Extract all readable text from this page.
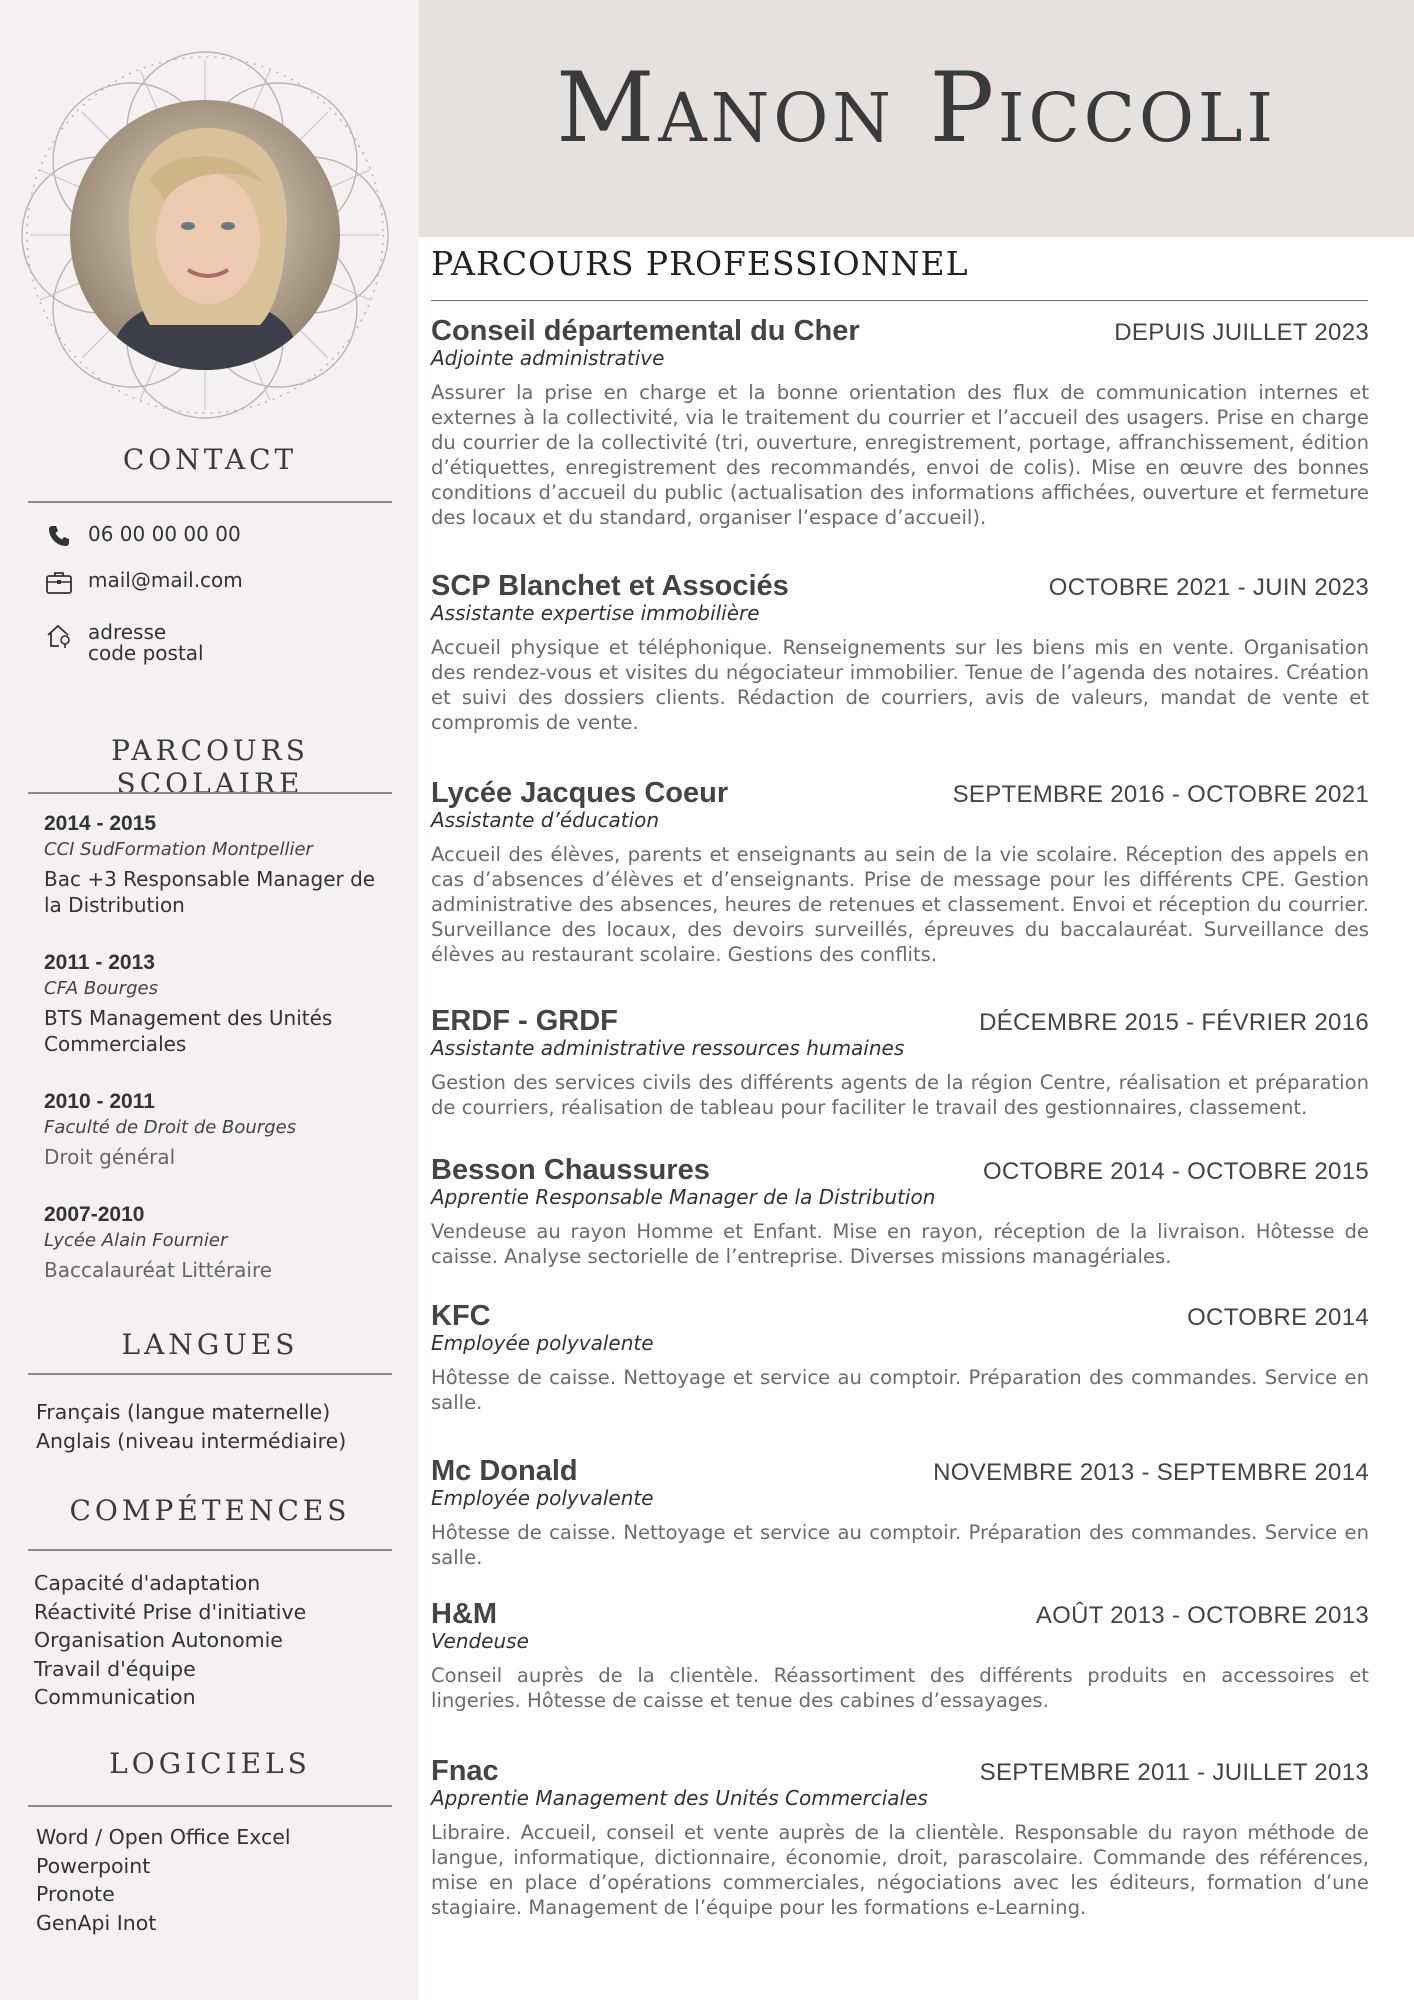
CONTACT
06 00 00 00 00
mail@mail.com
adresse
code postal
PARCOURS SCOLAIRE
2014 - 2015
CCI SudFormation Montpellier
Bac +3 Responsable Manager de la Distribution
2011 - 2013
CFA Bourges
BTS Management des Unités Commerciales
2010 - 2011
Faculté de Droit de Bourges
Droit général
2007-2010
Lycée Alain Fournier
Baccalauréat Littéraire
LANGUES
Français (langue maternelle)
Anglais (niveau intermédiaire)
COMPÉTENCES
Capacité d'adaptation
Réactivité Prise d'initiative
Organisation Autonomie
Travail d'équipe
Communication
LOGICIELS
Word / Open Office Excel
Powerpoint
Pronote
GenApi Inot
Manon Piccoli
PARCOURS PROFESSIONNEL
Conseil départemental du Cher	DEPUIS JUILLET 2023
Adjointe administrative
Assurer la prise en charge et la bonne orientation des flux de communication internes et externes à la collectivité, via le traitement du courrier et l’accueil des usagers. Prise en charge du courrier de la collectivité (tri, ouverture, enregistrement, portage, affranchissement, édition d’étiquettes, enregistrement des recommandés, envoi de colis). Mise en œuvre des bonnes conditions d’accueil du public (actualisation des informations affichées, ouverture et fermeture des locaux et du standard, organiser l’espace d’accueil).
SCP Blanchet et Associés	OCTOBRE 2021 - JUIN 2023
Assistante expertise immobilière
Accueil physique et téléphonique. Renseignements sur les biens mis en vente. Organisation des rendez-vous et visites du négociateur immobilier. Tenue de l’agenda des notaires. Création et suivi des dossiers clients. Rédaction de courriers, avis de valeurs, mandat de vente et compromis de vente.
Lycée Jacques Coeur	SEPTEMBRE 2016 - OCTOBRE 2021
Assistante d’éducation
Accueil des élèves, parents et enseignants au sein de la vie scolaire. Réception des appels en cas d’absences d’élèves et d’enseignants. Prise de message pour les différents CPE. Gestion administrative des absences, heures de retenues et classement. Envoi et réception du courrier. Surveillance des locaux, des devoirs surveillés, épreuves du baccalauréat. Surveillance des élèves au restaurant scolaire. Gestions des conflits.
ERDF - GRDF	DÉCEMBRE 2015 - FÉVRIER 2016
Assistante administrative ressources humaines
Gestion des services civils des différents agents de la région Centre, réalisation et préparation de courriers, réalisation de tableau pour faciliter le travail des gestionnaires, classement.
Besson Chaussures	OCTOBRE 2014 - OCTOBRE 2015
Apprentie Responsable Manager de la Distribution
Vendeuse au rayon Homme et Enfant. Mise en rayon, réception de la livraison. Hôtesse de caisse. Analyse sectorielle de l’entreprise. Diverses missions managériales.
KFC	OCTOBRE 2014
Employée polyvalente
Hôtesse de caisse. Nettoyage et service au comptoir. Préparation des commandes. Service en salle.
Mc Donald	NOVEMBRE 2013 - SEPTEMBRE 2014
Employée polyvalente
Hôtesse de caisse. Nettoyage et service au comptoir. Préparation des commandes. Service en salle.
H&M	AOÛT 2013 - OCTOBRE 2013
Vendeuse
Conseil auprès de la clientèle. Réassortiment des différents produits en accessoires et lingeries. Hôtesse de caisse et tenue des cabines d’essayages.
Fnac	SEPTEMBRE 2011 - JUILLET 2013
Apprentie Management des Unités Commerciales
Libraire. Accueil, conseil et vente auprès de la clientèle. Responsable du rayon méthode de langue, informatique, dictionnaire, économie, droit, parascolaire. Commande des références, mise en place d’opérations commerciales, négociations avec les éditeurs, formation d’une stagiaire. Management de l’équipe pour les formations e-Learning.
